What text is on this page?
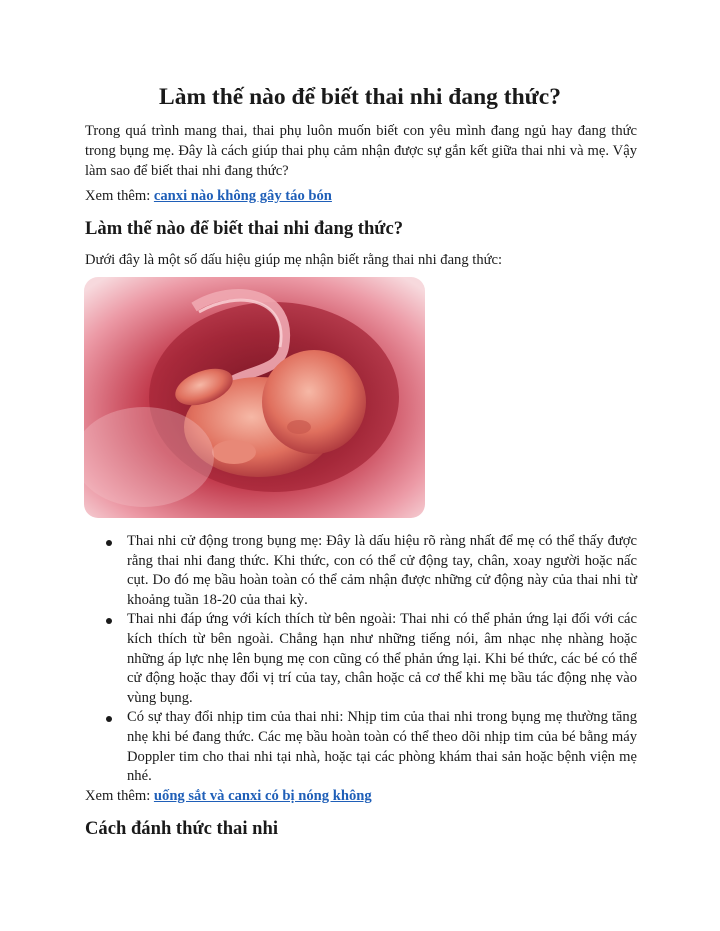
Làm thế nào để biết thai nhi đang thức?

Trong quá trình mang thai, thai phụ luôn muốn biết con yêu mình đang ngủ hay đang thức trong bụng mẹ. Đây là cách giúp thai phụ cảm nhận được sự gắn kết giữa thai nhi và mẹ. Vậy làm sao để biết thai nhi đang thức?

Xem thêm: canxi nào không gây táo bón

Làm thế nào để biết thai nhi đang thức?

Dưới đây là một số dấu hiệu giúp mẹ nhận biết rằng thai nhi đang thức:

Thai nhi cử động trong bụng mẹ: Đây là dấu hiệu rõ ràng nhất để mẹ có thể thấy được rằng thai nhi đang thức. Khi thức, con có thể cử động tay, chân, xoay người hoặc nấc cụt. Do đó mẹ bầu hoàn toàn có thể cảm nhận được những cử động này của thai nhi từ khoảng tuần 18-20 của thai kỳ.
Thai nhi đáp ứng với kích thích từ bên ngoài: Thai nhi có thể phản ứng lại đối với các kích thích từ bên ngoài. Chẳng hạn như những tiếng nói, âm nhạc nhẹ nhàng hoặc những áp lực nhẹ lên bụng mẹ con cũng có thể phản ứng lại. Khi bé thức, các bé có thể cử động hoặc thay đổi vị trí của tay, chân hoặc cả cơ thể khi mẹ bầu tác động nhẹ vào vùng bụng.
Có sự thay đổi nhịp tim của thai nhi: Nhịp tim của thai nhi trong bụng mẹ thường tăng nhẹ khi bé đang thức. Các mẹ bầu hoàn toàn có thể theo dõi nhịp tim của bé bằng máy Doppler tim cho thai nhi tại nhà, hoặc tại các phòng khám thai sản hoặc bệnh viện mẹ nhé.

Xem thêm: uống sắt và canxi có bị nóng không

Cách đánh thức thai nhi
